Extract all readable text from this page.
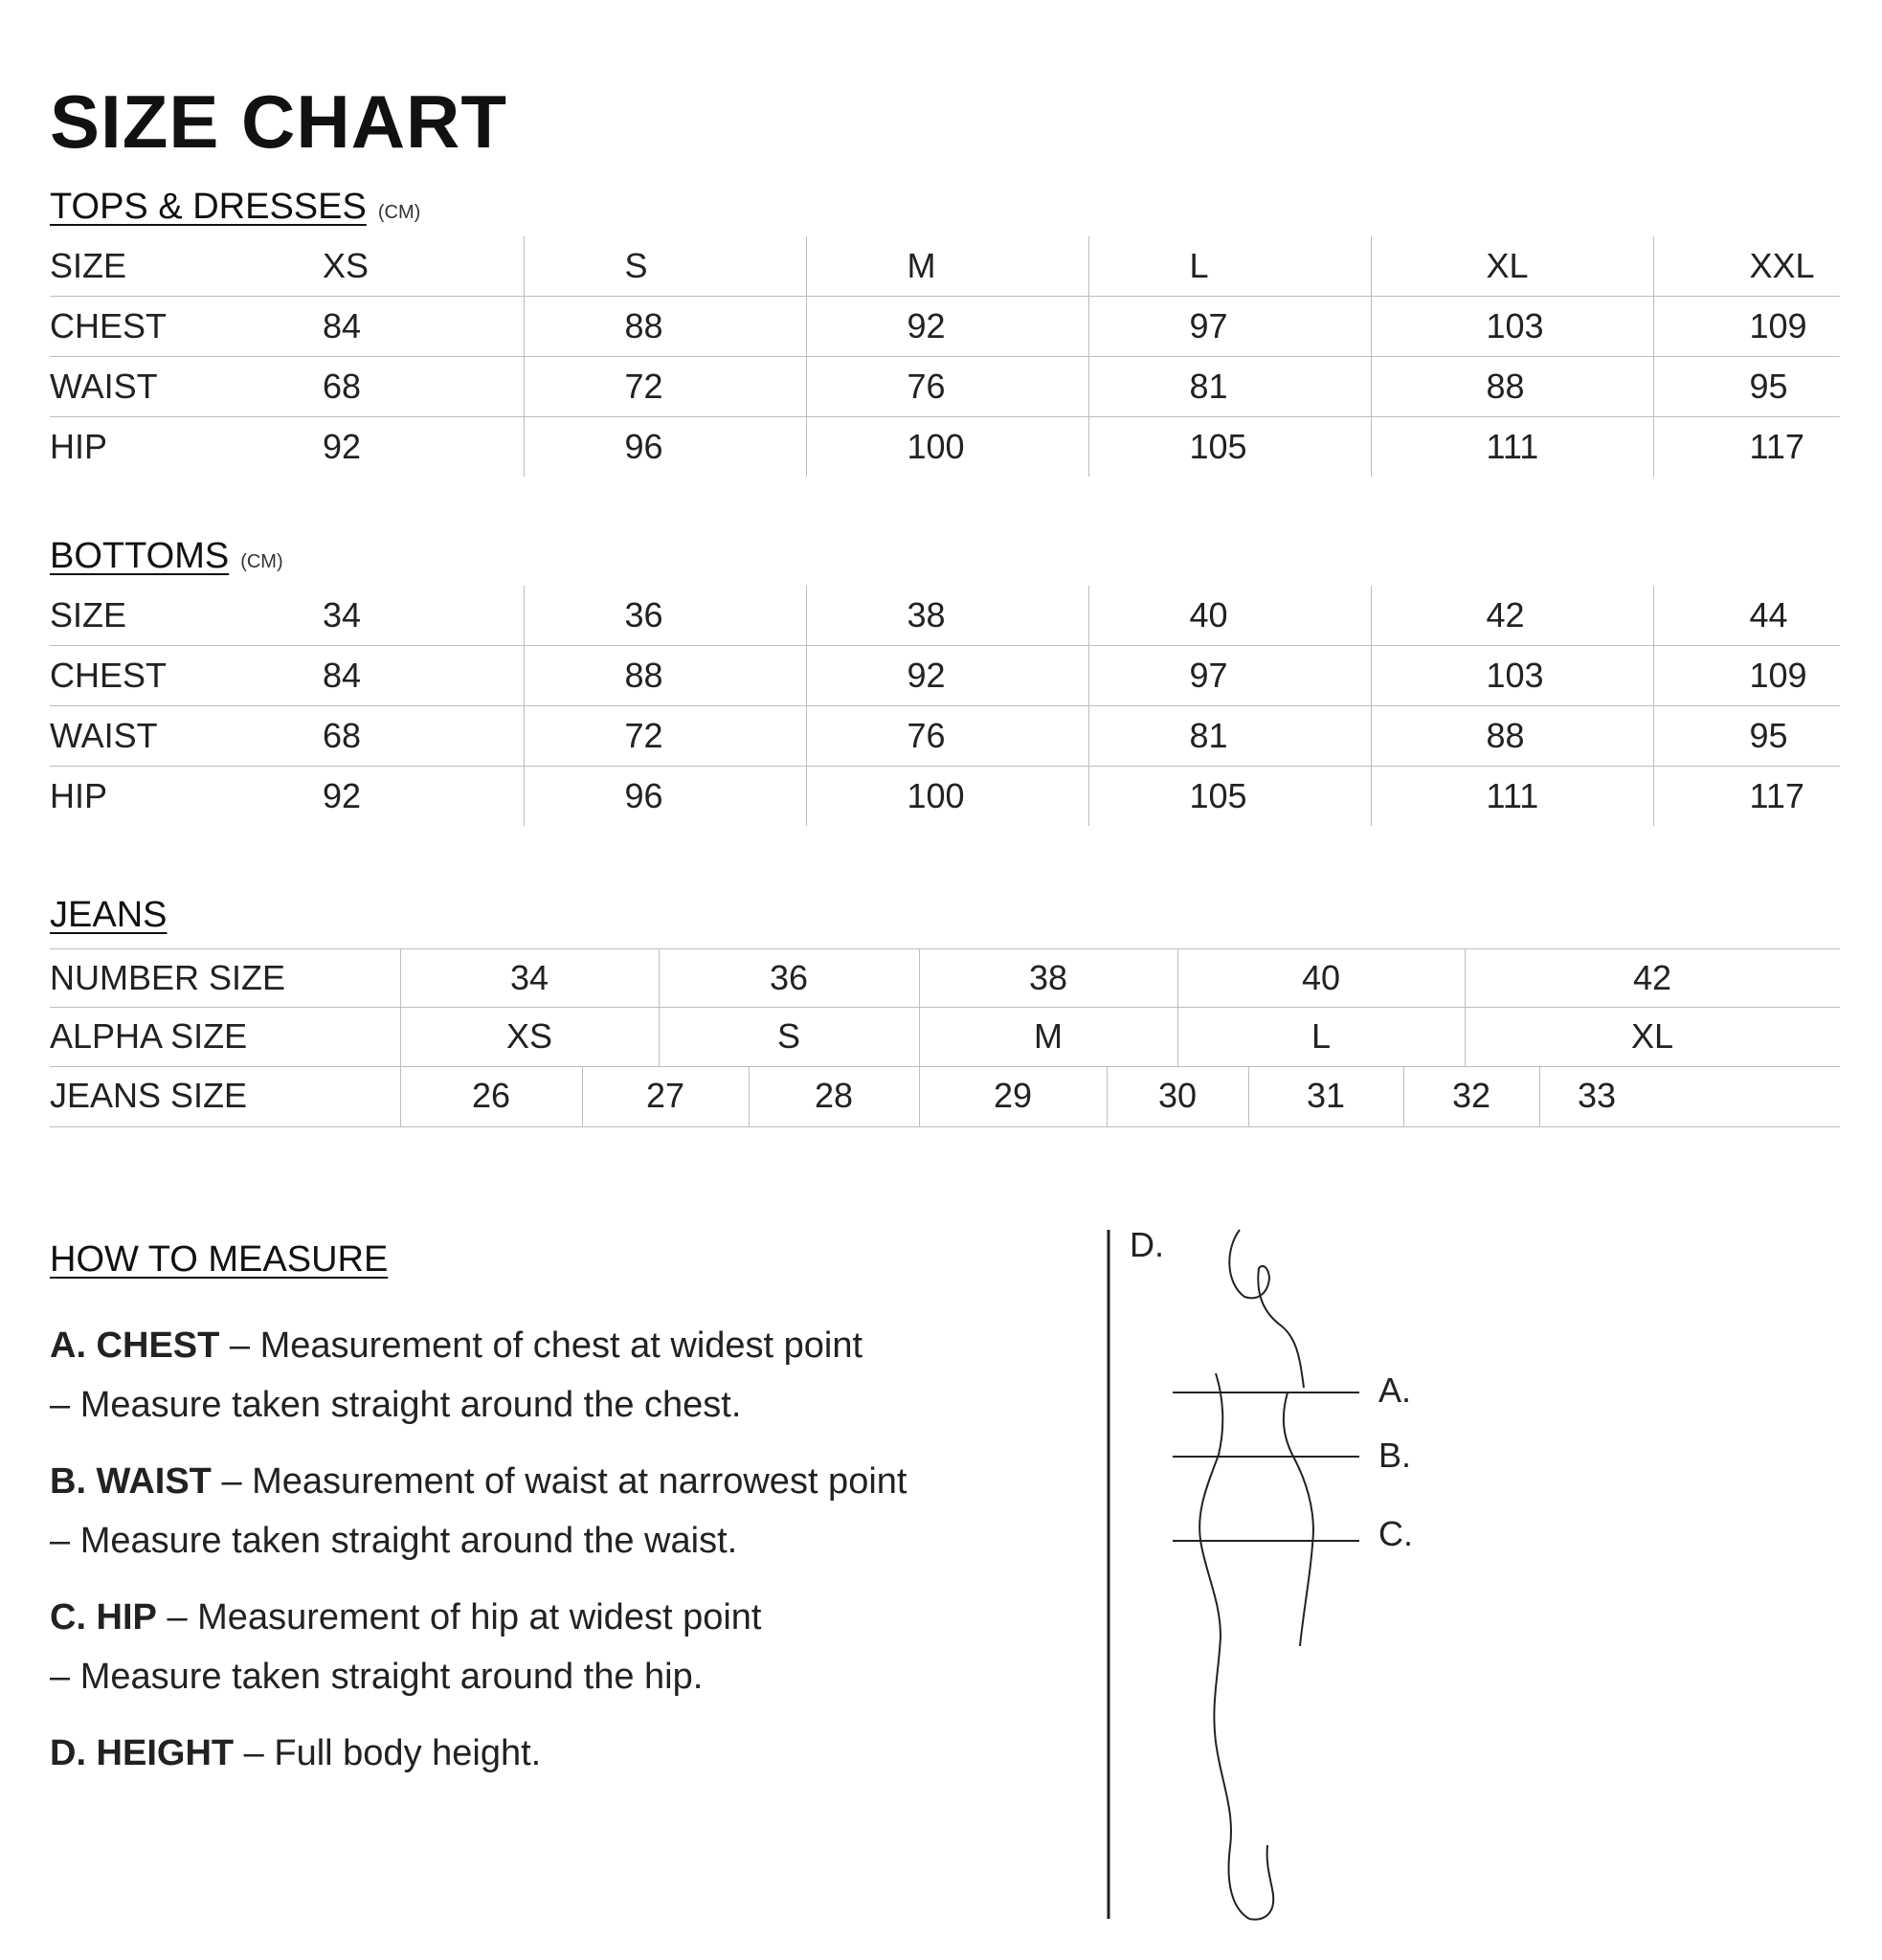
SIZE CHART
TOPS & DRESSES (CM)
SIZE	XS	S	M	L	XL	XXL	
CHEST	84	88	92	97	103	109	
WAIST	68	72	76	81	88	95	
HIP	92	96	100	105	111	117	
BOTTOMS (CM)
SIZE	34	36	38	40	42	44	
CHEST	84	88	92	97	103	109	
WAIST	68	72	76	81	88	95	
HIP	92	96	100	105	111	117	
JEANS
NUMBER SIZE	34	36	38	40	42
ALPHA SIZE	XS	S	M	L	XL
JEANS SIZE	26	27	28	29	30	31	32	33
HOW TO MEASURE

A. CHEST – Measurement of chest at widest point

– Measure taken straight around the chest.

B. WAIST – Measurement of waist at narrowest point

– Measure taken straight around the waist.

C. HIP – Measurement of hip at widest point

– Measure taken straight around the hip.

D. HEIGHT – Full body height.

D.
A.
B.
C.
